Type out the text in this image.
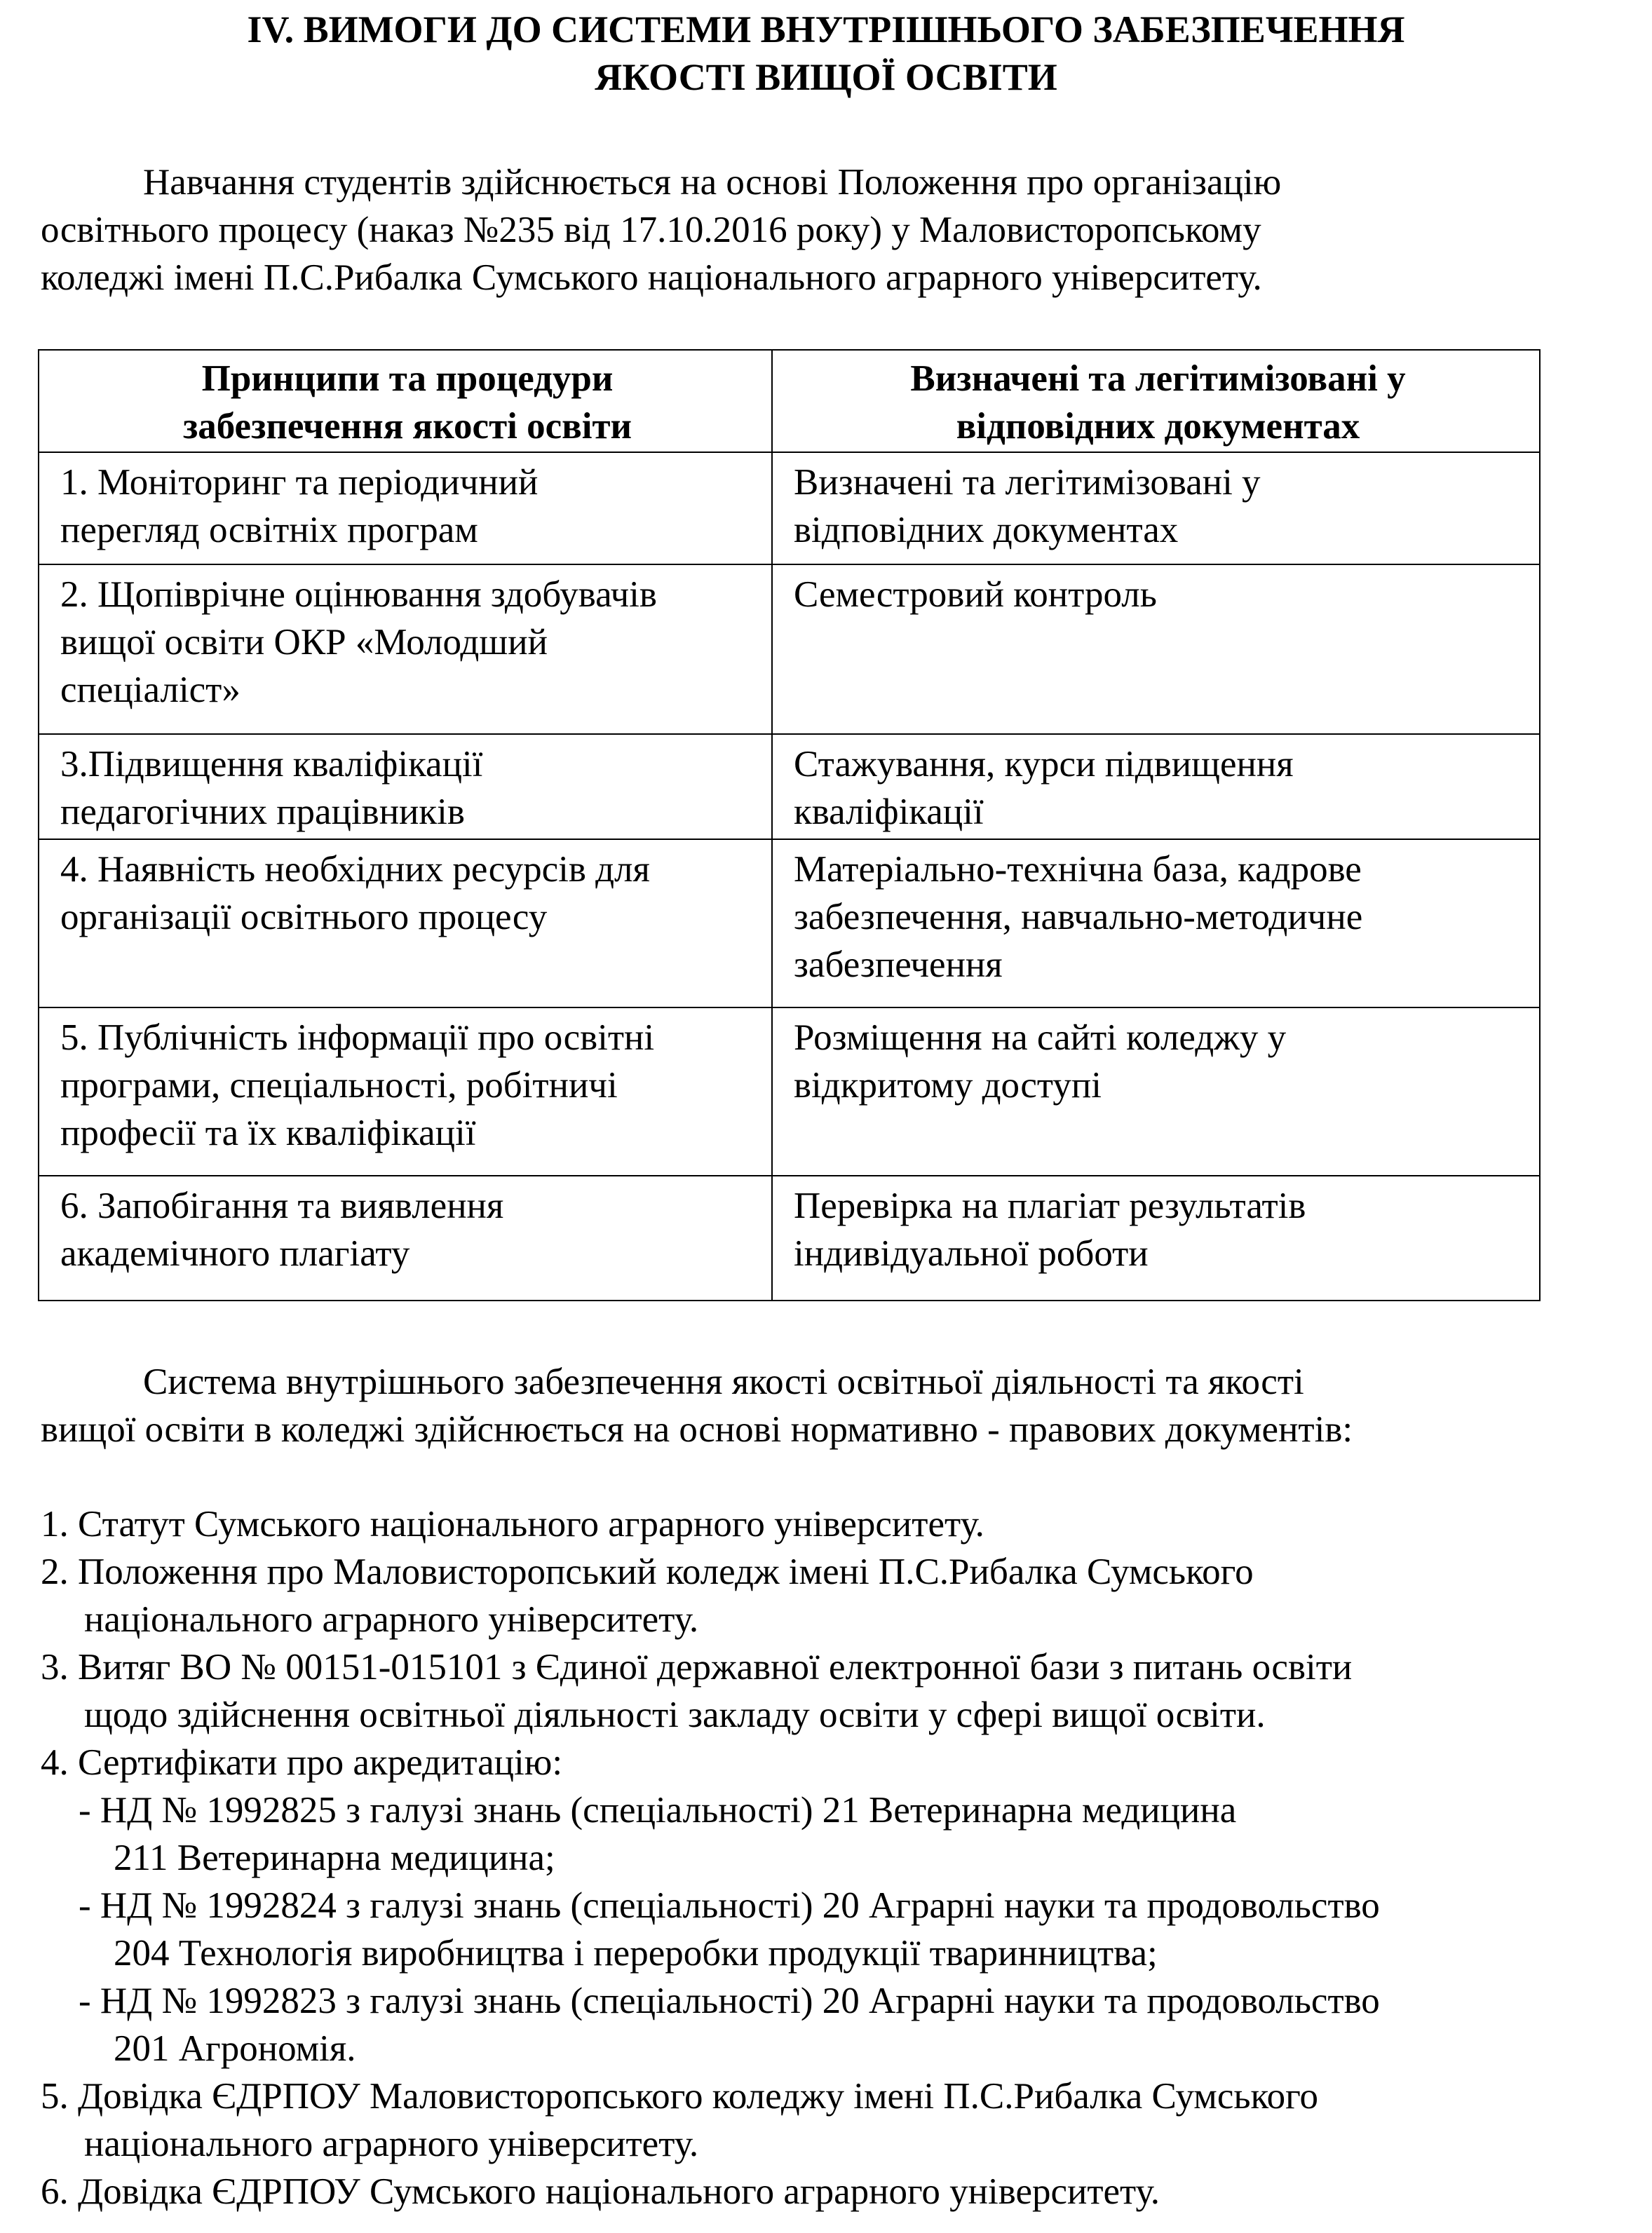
IV. ВИМОГИ ДО СИСТЕМИ ВНУТРІШНЬОГО ЗАБЕЗПЕЧЕННЯ
ЯКОСТІ ВИЩОЇ ОСВІТИ
Навчання студентів здійснюється на основі Положення про організацію
освітнього процесу (наказ №235 від 17.10.2016 року) у Маловисторопському
коледжі імені П.С.Рибалка Сумського національного аграрного університету.
Принципи та процедури
забезпечення якості освіти	Визначені та легітимізовані у
відповідних документах

1. Моніторинг та періодичний
перегляд освітніх програм	Визначені та легітимізовані у
відповідних документах

2. Щопіврічне оцінювання здобувачів
вищої освіти ОКР «Молодший
спеціаліст»	Семестровий контроль

3.Підвищення кваліфікації
педагогічних працівників	Стажування, курси підвищення
кваліфікації

4. Наявність необхідних ресурсів для
організації освітнього процесу	Матеріально-технічна база, кадрове
забезпечення, навчально-методичне
забезпечення

5. Публічність інформації про освітні
програми, спеціальності, робітничі
професії та їх кваліфікації	Розміщення на сайті коледжу у
відкритому доступі

6. Запобігання та виявлення
академічного плагіату	Перевірка на плагіат результатів
індивідуальної роботи
Система внутрішнього забезпечення якості освітньої діяльності та якості
вищої освіти в коледжі здійснюється на основі нормативно - правових документів:
1. Статут Сумського національного аграрного університету.
2. Положення про Маловисторопський коледж імені П.С.Рибалка Сумського
національного аграрного університету.
3. Витяг ВО № 00151-015101 з Єдиної державної електронної бази з питань освіти
щодо здійснення освітньої діяльності закладу освіти у сфері вищої освіти.
4. Сертифікати про акредитацію:
- НД № 1992825 з галузі знань (спеціальності) 21 Ветеринарна медицина
211 Ветеринарна медицина;
- НД № 1992824 з галузі знань (спеціальності) 20 Аграрні науки та продовольство
204 Технологія виробництва і переробки продукції тваринництва;
- НД № 1992823 з галузі знань (спеціальності) 20 Аграрні науки та продовольство
201 Агрономія.
5. Довідка ЄДРПОУ Маловисторопського коледжу імені П.С.Рибалка Сумського
національного аграрного університету.
6. Довідка ЄДРПОУ Сумського національного аграрного університету.
